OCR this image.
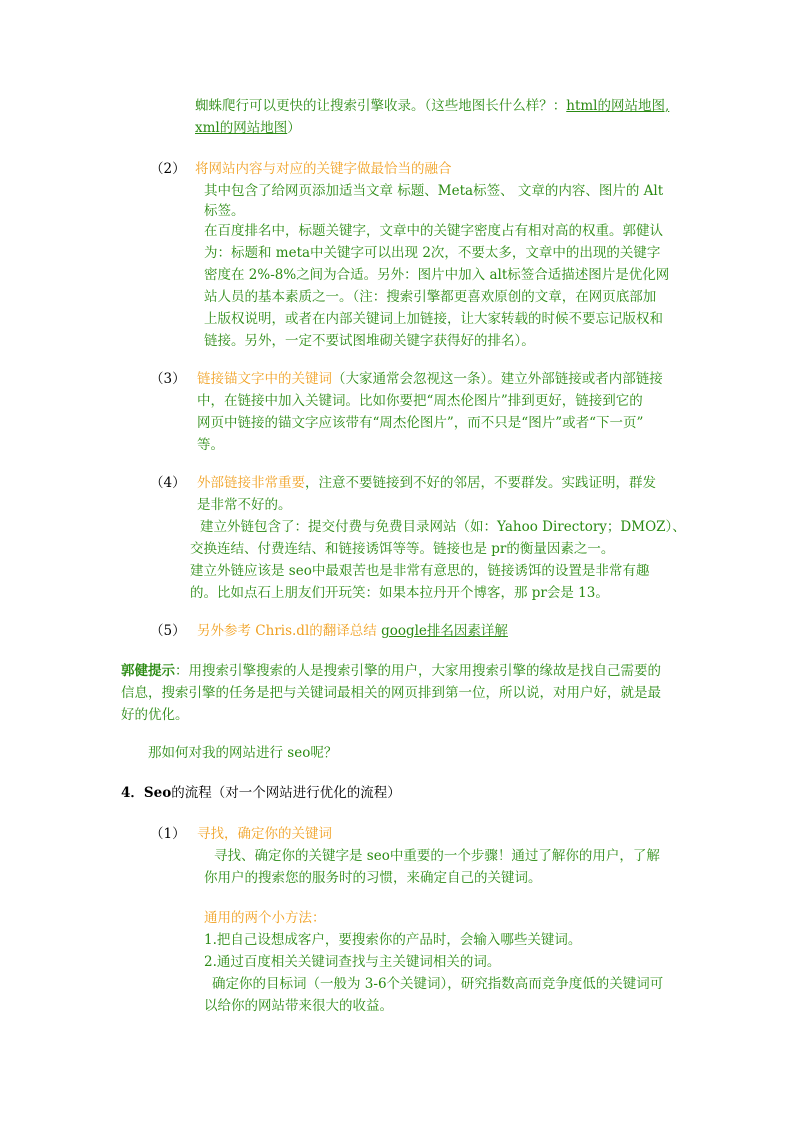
蜘蛛爬行可以更快的让搜索引擎收录。（这些地图长什么样？：html的网站地图,
xml的网站地图）
（2） 将网站内容与对应的关键字做最恰当的融合
其中包含了给网页添加适当文章 标题、Meta标签、 文章的内容、图片的 Alt
标签。
在百度排名中，标题关键字，文章中的关键字密度占有相对高的权重。郭健认
为：标题和 meta中关键字可以出现 2次，不要太多，文章中的出现的关键字
密度在 2%-8%之间为合适。另外：图片中加入 alt标签合适描述图片是优化网
站人员的基本素质之一。（注：搜索引擎都更喜欢原创的文章，在网页底部加
上版权说明，或者在内部关键词上加链接，让大家转载的时候不要忘记版权和
链接。另外，一定不要试图堆砌关键字获得好的排名）。
（3） 链接锚文字中的关键词（大家通常会忽视这一条）。建立外部链接或者内部链接
中，在链接中加入关键词。比如你要把“周杰伦图片”排到更好，链接到它的
网页中链接的锚文字应该带有“周杰伦图片”，而不只是“图片”或者“下一页”
等。
（4） 外部链接非常重要，注意不要链接到不好的邻居，不要群发。实践证明，群发
是非常不好的。
建立外链包含了：提交付费与免费目录网站（如：Yahoo Directory；DMOZ）、
交换连结、付费连结、和链接诱饵等等。链接也是 pr的衡量因素之一。
建立外链应该是 seo中最艰苦也是非常有意思的，链接诱饵的设置是非常有趣
的。比如点石上朋友们开玩笑：如果本拉丹开个博客，那 pr会是 13。
（5） 另外参考 Chris.dl的翻译总结 google排名因素详解
郭健提示：用搜索引擎搜索的人是搜索引擎的用户，大家用搜索引擎的缘故是找自己需要的
信息，搜索引擎的任务是把与关键词最相关的网页排到第一位，所以说，对用户好，就是最
好的优化。
那如何对我的网站进行 seo呢？
4．Seo的流程（对一个网站进行优化的流程）
（1） 寻找，确定你的关键词
寻找、确定你的关键字是 seo中重要的一个步骤！通过了解你的用户，了解
你用户的搜索您的服务时的习惯，来确定自己的关键词。
通用的两个小方法：
1.把自己设想成客户，要搜索你的产品时，会输入哪些关键词。
2.通过百度相关关键词查找与主关键词相关的词。
确定你的目标词（一般为 3-6个关键词），研究指数高而竞争度低的关键词可
以给你的网站带来很大的收益。
